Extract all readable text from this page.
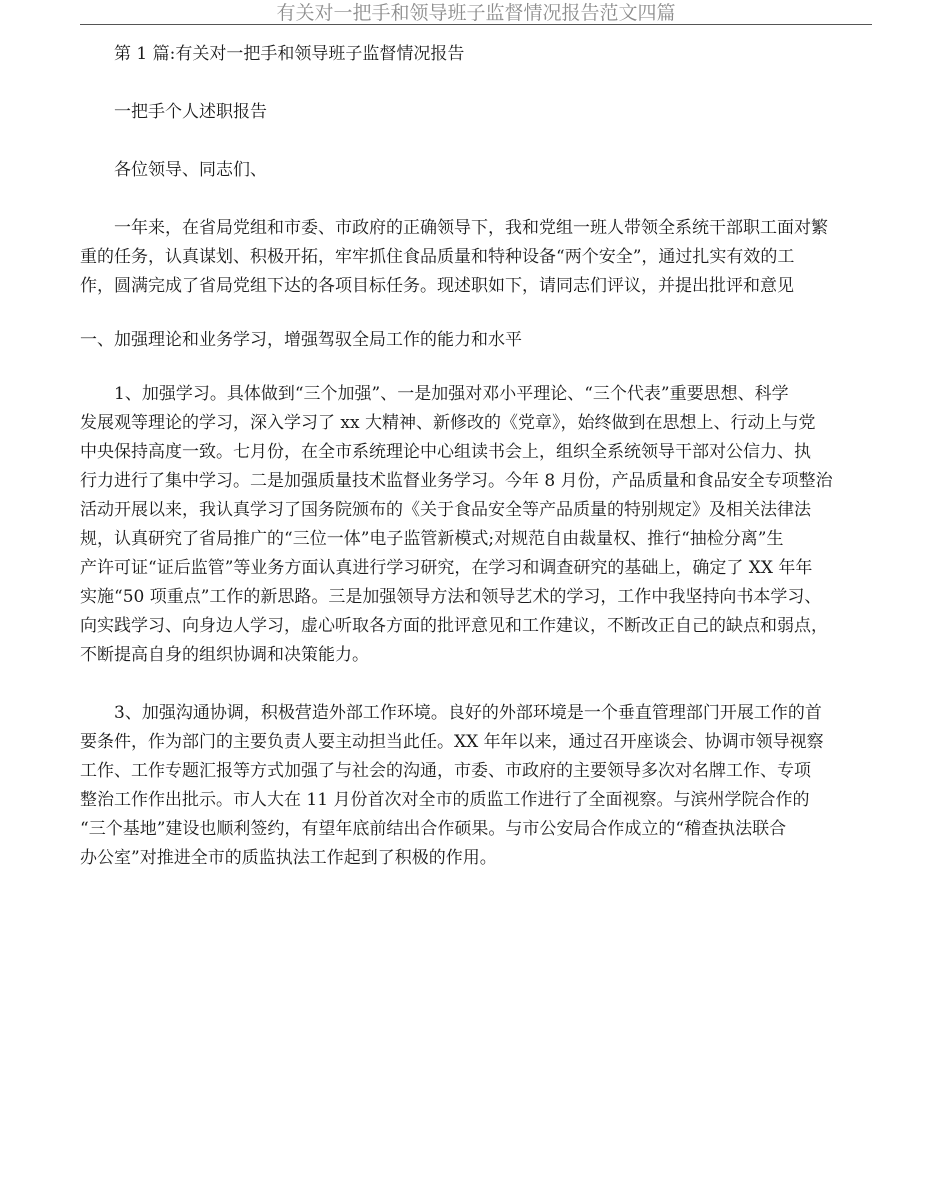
有关对一把手和领导班子监督情况报告范文四篇
第 1 篇:有关对一把手和领导班子监督情况报告
一把手个人述职报告
各位领导、同志们、
一年来，在省局党组和市委、市政府的正确领导下，我和党组一班人带领全系统干部职工面对繁
重的任务，认真谋划、积极开拓，牢牢抓住食品质量和特种设备“两个安全”，通过扎实有效的工
作，圆满完成了省局党组下达的各项目标任务。现述职如下，请同志们评议，并提出批评和意见
一、加强理论和业务学习，增强驾驭全局工作的能力和水平
1、加强学习。具体做到“三个加强”、一是加强对邓小平理论、“三个代表”重要思想、科学
发展观等理论的学习，深入学习了 xx 大精神、新修改的《党章》，始终做到在思想上、行动上与党
中央保持高度一致。七月份，在全市系统理论中心组读书会上，组织全系统领导干部对公信力、执
行力进行了集中学习。二是加强质量技术监督业务学习。今年 8 月份，产品质量和食品安全专项整治
活动开展以来，我认真学习了国务院颁布的《关于食品安全等产品质量的特别规定》及相关法律法
规，认真研究了省局推广的“三位一体”电子监管新模式;对规范自由裁量权、推行“抽检分离”生
产许可证“证后监管”等业务方面认真进行学习研究，在学习和调查研究的基础上，确定了 XX 年年
实施“50 项重点”工作的新思路。三是加强领导方法和领导艺术的学习，工作中我坚持向书本学习、
向实践学习、向身边人学习，虚心听取各方面的批评意见和工作建议，不断改正自己的缺点和弱点，
不断提高自身的组织协调和决策能力。
3、加强沟通协调，积极营造外部工作环境。良好的外部环境是一个垂直管理部门开展工作的首
要条件，作为部门的主要负责人要主动担当此任。XX 年年以来，通过召开座谈会、协调市领导视察
工作、工作专题汇报等方式加强了与社会的沟通，市委、市政府的主要领导多次对名牌工作、专项
整治工作作出批示。市人大在 11 月份首次对全市的质监工作进行了全面视察。与滨州学院合作的
“三个基地”建设也顺利签约，有望年底前结出合作硕果。与市公安局合作成立的“稽查执法联合
办公室”对推进全市的质监执法工作起到了积极的作用。
